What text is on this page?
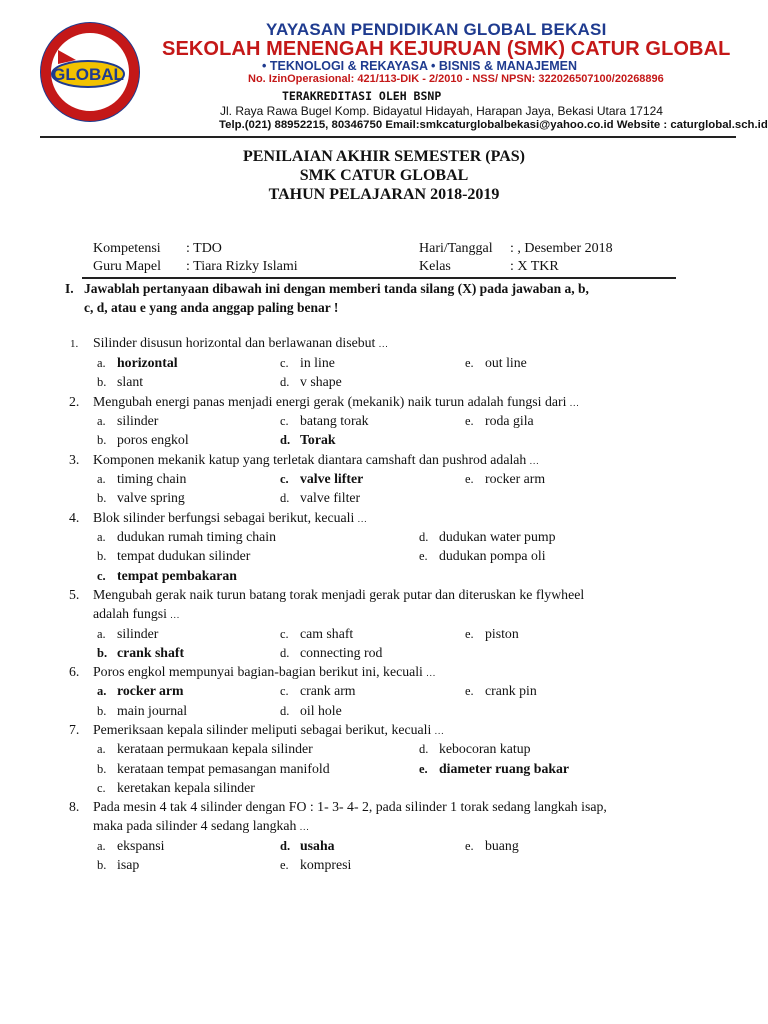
GLOBAL
YAYASAN PENDIDIKAN GLOBAL BEKASI
SEKOLAH MENENGAH KEJURUAN (SMK) CATUR GLOBAL
• TEKNOLOGI & REKAYASA • BISNIS & MANAJEMEN
No. IzinOperasional: 421/113-DIK - 2/2010 - NSS/ NPSN: 322026507100/20268896
TERAKREDITASI OLEH BSNP
Jl. Raya Rawa Bugel Komp. Bidayatul Hidayah, Harapan Jaya, Bekasi Utara 17124
Telp.(021) 88952215, 80346750 Email:smkcaturglobalbekasi@yahoo.co.id Website : caturglobal.sch.id
PENILAIAN AKHIR SEMESTER (PAS)
SMK CATUR GLOBAL
TAHUN PELAJARAN 2018-2019
Kompetensi : TDO
Guru Mapel : Tiara Rizky Islami
Hari/Tanggal : , Desember 2018
Kelas	: X TKR
I. Jawablah pertanyaan dibawah ini dengan memberi tanda silang (X) pada jawaban a, b,
c, d, atau e yang anda anggap paling benar !
1. Silinder disusun horizontal dan berlawanan disebut ...
a. horizontal	c. in line	e. out line
b. slant	d. v shape
2. Mengubah energi panas menjadi energi gerak (mekanik) naik turun adalah fungsi dari ...
a. silinder	c. batang torak	e. roda gila
b. poros engkol	d. Torak
3. Komponen mekanik katup yang terletak diantara camshaft dan pushrod adalah ...
a. timing chain	c. valve lifter	e. rocker arm
b. valve spring	d. valve filter
4. Blok silinder berfungsi sebagai berikut, kecuali ...
a. dudukan rumah timing chain	d. dudukan water pump
b. tempat dudukan silinder	e. dudukan pompa oli
c. tempat pembakaran
5. Mengubah gerak naik turun batang torak menjadi gerak putar dan diteruskan ke flywheel
adalah fungsi ...
a. silinder	c. cam shaft	e. piston
b. crank shaft	d. connecting rod
6. Poros engkol mempunyai bagian-bagian berikut ini, kecuali ...
a. rocker arm	c. crank arm	e. crank pin
b. main journal	d. oil hole
7. Pemeriksaan kepala silinder meliputi sebagai berikut, kecuali ...
a. kerataan permukaan kepala silinder	d. kebocoran katup
b. kerataan tempat pemasangan manifold	e. diameter ruang bakar
c. keretakan kepala silinder
8. Pada mesin 4 tak 4 silinder dengan FO : 1- 3- 4- 2, pada silinder 1 torak sedang langkah isap,
maka pada silinder 4 sedang langkah ...
a. ekspansi	d. usaha	e. buang
b. isap	e. kompresi
